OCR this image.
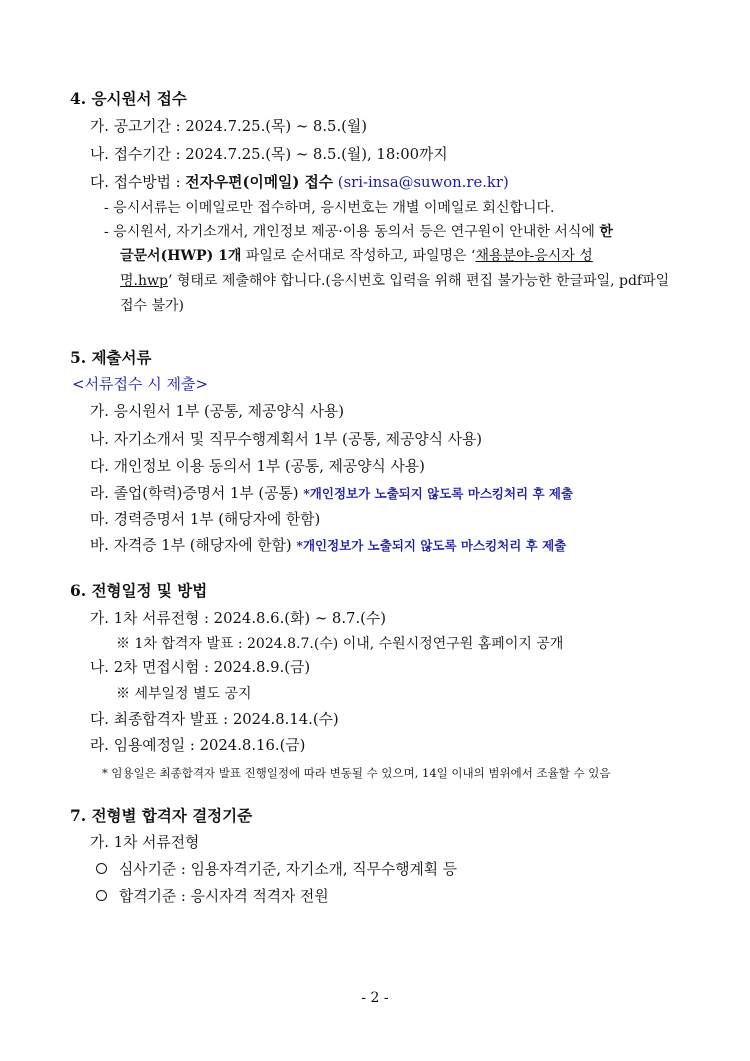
4. 응시원서 접수
가. 공고기간 : 2024.7.25.(목) ~ 8.5.(월)
나. 접수기간 : 2024.7.25.(목) ~ 8.5.(월), 18:00까지
다. 접수방법 : 전자우편(이메일) 접수 (sri-insa@suwon.re.kr)
- 응시서류는 이메일로만 접수하며, 응시번호는 개별 이메일로 회신합니다.
- 응시원서, 자기소개서, 개인정보 제공·이용 동의서 등은 연구원이 안내한 서식에 한
글문서(HWP) 1개 파일로 순서대로 작성하고, 파일명은 ‘채용분야-응시자 성
명.hwp’ 형태로 제출해야 합니다.(응시번호 입력을 위해 편집 불가능한 한글파일, pdf파일
접수 불가)
5. 제출서류
<서류접수 시 제출>
가. 응시원서 1부 (공통, 제공양식 사용)
나. 자기소개서 및 직무수행계획서 1부 (공통, 제공양식 사용)
다. 개인정보 이용 동의서 1부 (공통, 제공양식 사용)
라. 졸업(학력)증명서 1부 (공통) *개인정보가 노출되지 않도록 마스킹처리 후 제출
마. 경력증명서 1부 (해당자에 한함)
바. 자격증 1부 (해당자에 한함) *개인정보가 노출되지 않도록 마스킹처리 후 제출
6. 전형일정 및 방법
가. 1차 서류전형 : 2024.8.6.(화) ~ 8.7.(수)
※ 1차 합격자 발표 : 2024.8.7.(수) 이내, 수원시정연구원 홈페이지 공개
나. 2차 면접시험 : 2024.8.9.(금)
※ 세부일정 별도 공지
다. 최종합격자 발표 : 2024.8.14.(수)
라. 임용예정일 : 2024.8.16.(금)
* 임용일은 최종합격자 발표 진행일정에 따라 변동될 수 있으며, 14일 이내의 범위에서 조율할 수 있음
7. 전형별 합격자 결정기준
가. 1차 서류전형
심사기준 : 임용자격기준, 자기소개, 직무수행계획 등
합격기준 : 응시자격 적격자 전원
- 2 -
